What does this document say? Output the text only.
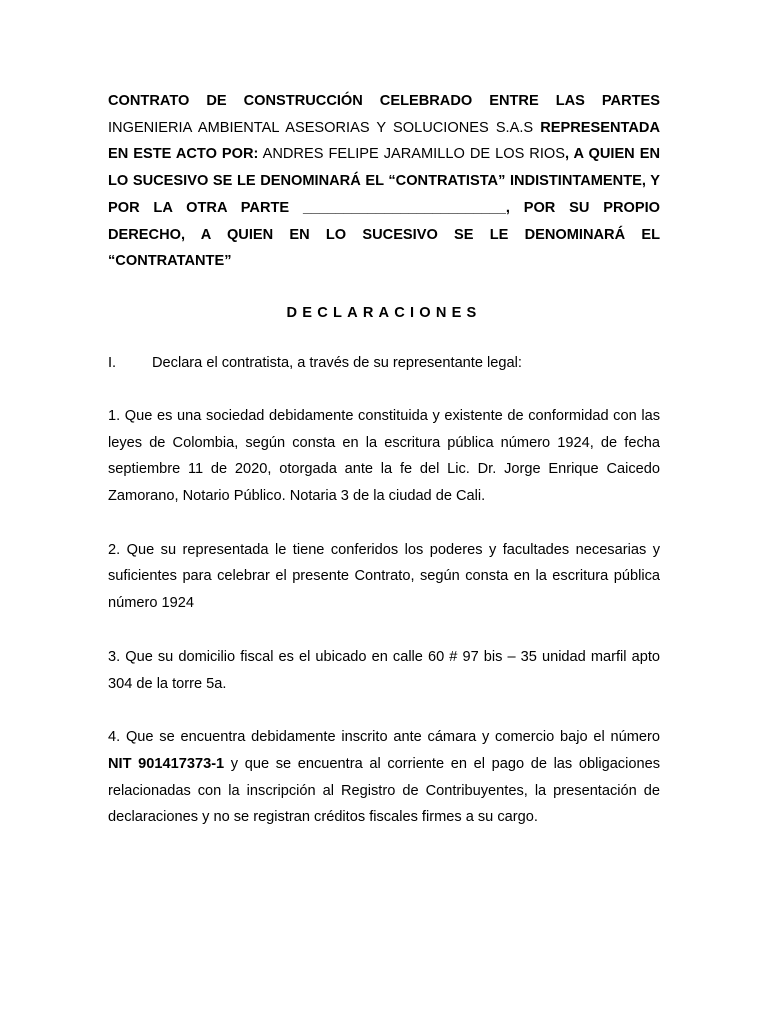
CONTRATO DE CONSTRUCCIÓN CELEBRADO ENTRE LAS PARTES INGENIERIA AMBIENTAL ASESORIAS Y SOLUCIONES S.A.S REPRESENTADA EN ESTE ACTO POR: ANDRES FELIPE JARAMILLO DE LOS RIOS, A QUIEN EN LO SUCESIVO SE LE DENOMINARÁ EL “CONTRATISTA” INDISTINTAMENTE, Y POR LA OTRA PARTE _________________________, POR SU PROPIO DERECHO, A QUIEN EN LO SUCESIVO SE LE DENOMINARÁ EL “CONTRATANTE”

DECLARACIONES

I.	Declara el contratista, a través de su representante legal:

1. Que es una sociedad debidamente constituida y existente de conformidad con las leyes de Colombia, según consta en la escritura pública número 1924, de fecha septiembre 11 de 2020, otorgada ante la fe del Lic. Dr. Jorge Enrique Caicedo Zamorano, Notario Público. Notaria 3 de la ciudad de Cali.

2. Que su representada le tiene conferidos los poderes y facultades necesarias y suficientes para celebrar el presente Contrato, según consta en la escritura pública número 1924

3. Que su domicilio fiscal es el ubicado en calle 60 # 97 bis – 35 unidad marfil apto 304 de la torre 5a.

4. Que se encuentra debidamente inscrito ante cámara y comercio bajo el número NIT 901417373-1 y que se encuentra al corriente en el pago de las obligaciones relacionadas con la inscripción al Registro de Contribuyentes, la presentación de declaraciones y no se registran créditos fiscales firmes a su cargo.
